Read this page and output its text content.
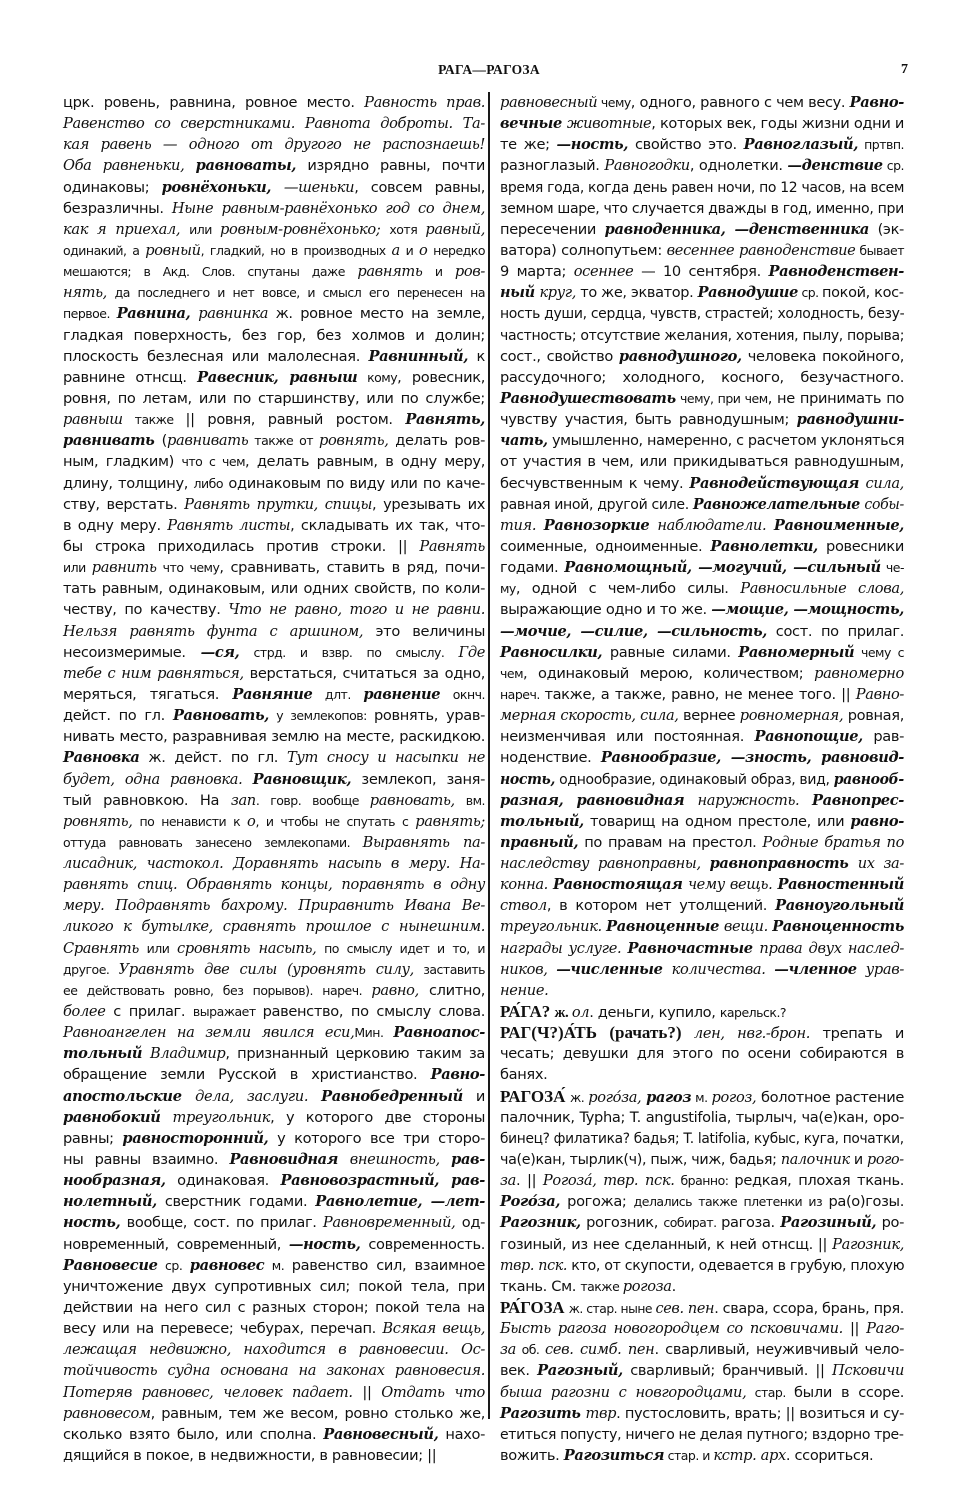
РАГА—РАГОЗА	7
црк. ровень, равнина, ровное место. Равность прав.
Равенство со сверстниками. Равнота доброты. Та-
кая равень — одного от другого не распознаешь!
Оба равненьки, равноваты, изрядно равны, почти
одинаковы; ровнёхоньки, —шеньки, совсем равны,
безразличны. Ныне равным-равнёхонько год со днем,
как я приехал, или ровным-ровнёхонько; хотя равный,
одинакий, а ровный, гладкий, но в производных а и о нередко
мешаются; в Акд. Слов. спутаны даже равнять и ров-
нять, да последнего и нет вовсе, и смысл его перенесен на
первое. Равнина, равнинка ж. ровное место на земле,
гладкая поверхность, без гор, без холмов и долин;
плоскость безлесная или малолесная. Равнинный, к
равнине отнсщ. Равесник, равныш кому, ровесник,
ровня, по летам, или по старшинству, или по службе;
равныш также || ровня, равный ростом. Равнять,
равнивать (равнивать также от ровнять, делать ров-
ным, гладким) что с чем, делать равным, в одну меру,
длину, толщину, либо одинаковым по виду или по каче-
ству, верстать. Равнять прутки, спицы, урезывать их
в одну меру. Равнять листы, складывать их так, что-
бы строка приходилась против строки. || Равнять
или равнить что чему, сравнивать, ставить в ряд, почи-
тать равным, одинаковым, или одних свойств, по коли-
честву, по качеству. Что не равно, того и не равни.
Нельзя равнять фунта с аршином, это величины
несоизмеримые. —ся, стрд. и взвр. по смыслу. Где
тебе с ним равняться, верстаться, считаться за одно,
меряться, тягаться. Равняние длт. равнение окнч.
дейст. по гл. Равновать, у землекопов: ровнять, урав-
нивать место, разравнивая землю на месте, раскидкою.
Равновка ж. дейст. по гл. Тут сносу и насыпки не
будет, одна равновка. Равновщик, землекоп, заня-
тый равновкою. На зап. говр. вообще равновать, вм.
ровнять, по ненависти к о, и чтобы не спутать с равнять;
оттуда равновать занесено землекопами. Выравнять па-
лисадник, частокол. Доравнять насыпь в меру. На-
равнять спиц. Обравнять концы, поравнять в одну
меру. Подравнять бахрому. Приравнить Ивана Ве-
ликого к бутылке, сравнять прошлое с нынешним.
Сравнять или сровнять насыпь, по смыслу идет и то, и
другое. Уравнять две силы (уровнять силу, заставить
ее действовать ровно, без порывов). нареч. равно, слитно,
более с прилаг. выражает равенство, по смыслу слова.
Равноангелен на земли явился еси,Мин. Равноапос-
тольный Владимир, признанный церковию таким за
обращение земли Русской в христианство. Равно-
апостольские дела, заслуги. Равнобедренный и
равнобокий треугольник, у которого две стороны
равны; равносторонний, у которого все три сторо-
ны равны взаимно. Равновидная внешность, рав-
нообразная, одинаковая. Равновозрастный, рав-
нолетный, сверстник годами. Равнолетие, —лет-
ность, вообще, сост. по прилаг. Равновременный, од-
новременный, современный, —ность, современность.
Равновесие ср. равновес м. равенство сил, взаимное
уничтожение двух супротивных сил; покой тела, при
действии на него сил с разных сторон; покой тела на
весу или на перевесе; чебурах, перечап. Всякая вещь,
лежащая недвижно, находится в равновесии. Ос-
тойчивость судна основана на законах равновесия.
Потеряв равновес, человек падает. || Отдать что
равновесом, равным, тем же весом, ровно столько же,
сколько взято было, или сполна. Равновесный, нахо-
дящийся в покое, в недвижности, в равновесии; ||
равновесный чему, одного, равного с чем весу. Равно-
вечные животные, которых век, годы жизни одни и
те же; —ность, свойство это. Равноглазый, пртвп.
разноглазый. Равногодки, однолетки. —денствие ср.
время года, когда день равен ночи, по 12 часов, на всем
земном шаре, что случается дважды в год, именно, при
пересечении равноденника, —денственника (эк-
ватора) солнопутьем: весеннее равноденствие бывает
9 марта; осеннее — 10 сентября. Равноденствен-
ный круг, то же, экватор. Равнодушие ср. покой, кос-
ность души, сердца, чувств, страстей; холодность, безу-
частность; отсутствие желания, хотения, пылу, порыва;
сост., свойство равнодушного, человека покойного,
рассудочного; холодного, косного, безучастного.
Равнодушествовать чему, при чем, не принимать по
чувству участия, быть равнодушным; равнодушни-
чать, умышленно, намеренно, с расчетом уклоняться
от участия в чем, или прикидываться равнодушным,
бесчувственным к чему. Равнодействующая сила,
равная иной, другой силе. Равножелательные собы-
тия. Равнозоркие наблюдатели. Равноименные,
соименные, одноименные. Равнолетки, ровесники
годами. Равномощный, —могучий, —сильный че-
му, одной с чем-либо силы. Равносильные слова,
выражающие одно и то же. —мощие, —мощность,
—мочие, —силие, —сильность, сост. по прилаг.
Равносилки, равные силами. Равномерный чему с
чем, одинаковый мерою, количеством; равномерно
нареч. также, а также, равно, не менее того. || Равно-
мерная скорость, сила, вернее ровномерная, ровная,
неизменчивая или постоянная. Равноnощие, рав-
ноденствие. Равнообразие, —зность, равновид-
ность, однообразие, одинаковый образ, вид, равнооб-
разная, равновидная наружность. Равнопрес-
тольный, товарищ на одном престоле, или равно-
правный, по правам на престол. Родные братья по
наследству равноправны, равноправность их за-
конна. Равностоящая чему вещь. Равностенный
ствол, в котором нет утолщений. Равноугольный
треугольник. Равноценные вещи. Равноценность
награды услуге. Равночастные права двух наслед-
ников, —численные количества. —членное урав-
нение.
РА́ГА? ж. ол. деньги, купило, карельск.?
РАГ(Ч?)А́ТЬ (рачать?) лен, нвг.-брон. трепать и
чесать; девушки для этого по осени собираются в
банях.
РАГОЗА́ ж. рого́за, рагоз м. рогоз, болотное растение
палочник, Typha; T. angustifolia, тырлыч, ча(е)кан, оро-
бинец? филатика? бадья; T. latifolia, кубыс, куга, початки,
ча(е)кан, тырлик(ч), пыж, чиж, бадья; палочник и рого-
за. || Рогоза́, твр. пск. бранно: редкая, плохая ткань.
Рого́за, рогожа; делались также плетенки из ра(о)гозы.
Рагозник, рогозник, собират. рагоза. Рагозиный, ро-
гозиный, из нее сделанный, к ней отнсщ. || Рагозник,
твр. пск. кто, от скупости, одевается в грубую, плохую
ткань. См. также рогоза.
РА́ГОЗА ж. стар. ныне сев. пен. свара, ссора, брань, пря.
Бысть рагоза новогородцем со псковичами. || Раго-
за об. сев. симб. пен. сварливый, неуживчивый чело-
век. Рагозный, сварливый; бранчивый. || Псковичи
быша рагозни с новгородцами, стар. были в ссоре.
Рагозить твр. пустословить, врать; || возиться и су-
етиться попусту, ничего не делая путного; вздорно тре-
вожить. Рагозиться стар. и кстр. арх. ссориться.
